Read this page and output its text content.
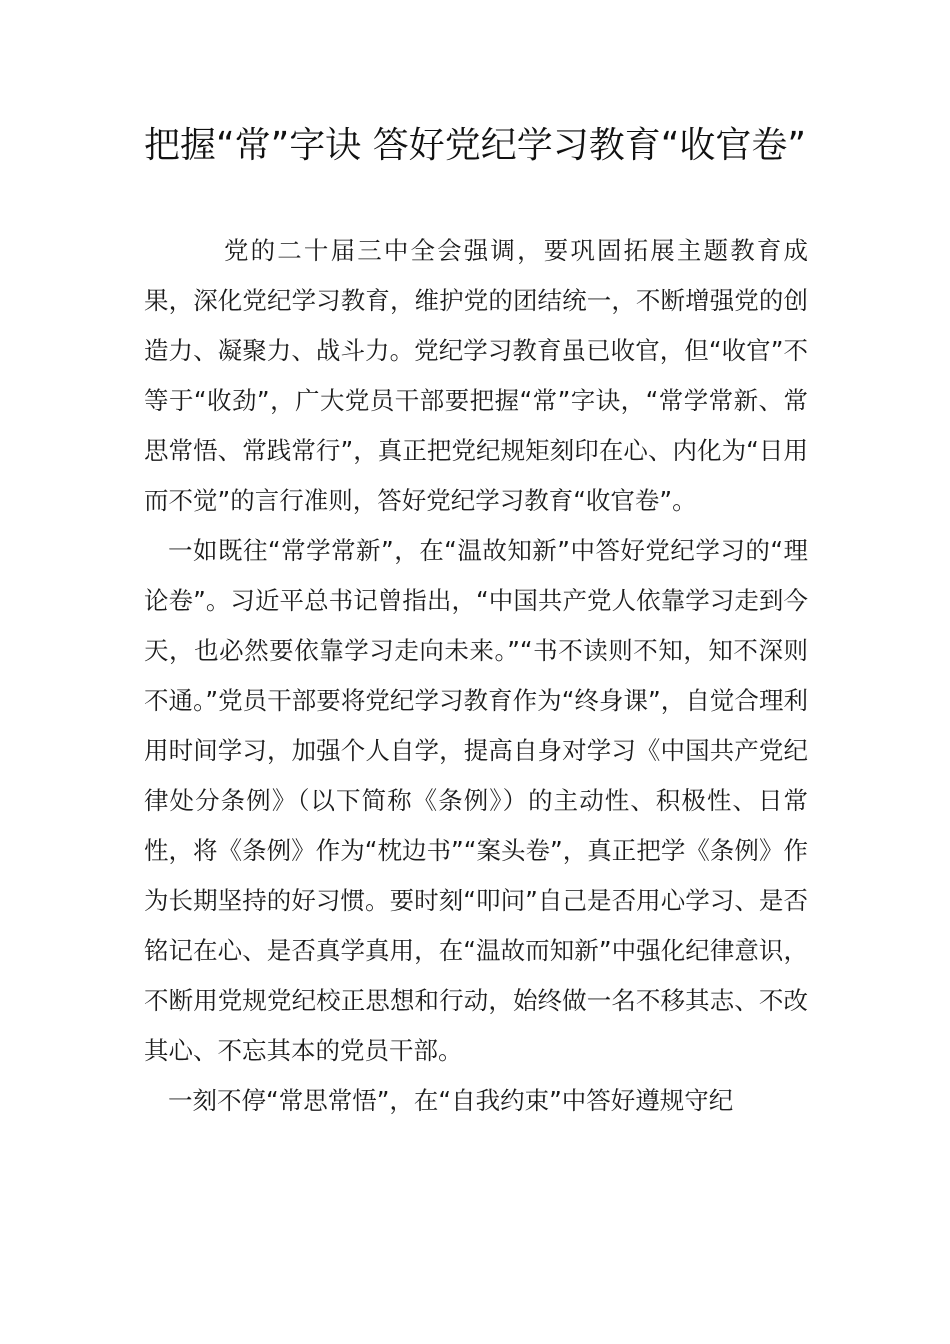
把握“常”字诀 答好党纪学习教育“收官卷”

党的二十届三中全会强调，要巩固拓展主题教育成果，深化党纪学习教育，维护党的团结统一，不断增强党的创造力、凝聚力、战斗力。党纪学习教育虽已收官，但“收官”不等于“收劲”，广大党员干部要把握“常”字诀，“常学常新、常思常悟、常践常行”，真正把党纪规矩刻印在心、内化为“日用而不觉”的言行准则，答好党纪学习教育“收官卷”。

一如既往“常学常新”，在“温故知新”中答好党纪学习的“理论卷”。习近平总书记曾指出，“中国共产党人依靠学习走到今天，也必然要依靠学习走向未来。”“书不读则不知，知不深则不通。”党员干部要将党纪学习教育作为“终身课”，自觉合理利用时间学习，加强个人自学，提高自身对学习《中国共产党纪律处分条例》（以下简称《条例》）的主动性、积极性、日常性，将《条例》作为“枕边书”“案头卷”，真正把学《条例》作为长期坚持的好习惯。要时刻“叩问”自己是否用心学习、是否铭记在心、是否真学真用，在“温故而知新”中强化纪律意识，不断用党规党纪校正思想和行动，始终做一名不移其志、不改其心、不忘其本的党员干部。

一刻不停“常思常悟”，在“自我约束”中答好遵规守纪
